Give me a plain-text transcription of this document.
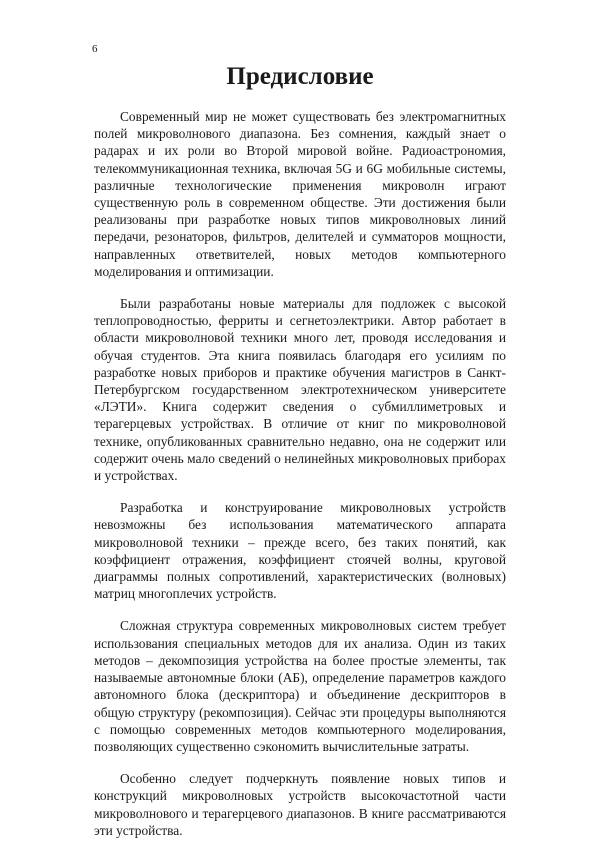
6
Предисловие

Современный мир не может существовать без электромагнитных полей микроволнового диапазона. Без сомнения, каждый знает о радарах и их роли во Второй мировой войне. Радиоастрономия, телекоммуникационная техника, включая 5G и 6G мобильные системы, различные технологические применения микроволн играют существенную роль в современном обществе. Эти достижения были реализованы при разработке новых типов микроволновых линий передачи, резонаторов, фильтров, делителей и сумматоров мощности, направленных ответвителей, новых методов компьютерного моделирования и оптимизации.

Были разработаны новые материалы для подложек с высокой теплопроводностью, ферриты и сегнетоэлектрики. Автор работает в области микроволновой техники много лет, проводя исследования и обучая студентов. Эта книга появилась благодаря его усилиям по разработке новых приборов и практике обучения магистров в Санкт-Петербургском государственном электротехническом университете «ЛЭТИ». Книга содержит сведения о субмиллиметровых и терагерцевых устройствах. В отличие от книг по микроволновой технике, опубликованных сравнительно недавно, она не содержит или содержит очень мало сведений о нелинейных микроволновых приборах и устройствах.

Разработка и конструирование микроволновых устройств невозможны без использования математического аппарата микроволновой техники – прежде всего, без таких понятий, как коэффициент отражения, коэффициент стоячей волны, круговой диаграммы полных сопротивлений, характеристических (волновых) матриц многоплечих устройств.

Сложная структура современных микроволновых систем требует использования специальных методов для их анализа. Один из таких методов – декомпозиция устройства на более простые элементы, так называемые автономные блоки (АБ), определение параметров каждого автономного блока (дескриптора) и объединение дескрипторов в общую структуру (рекомпозиция). Сейчас эти процедуры выполняются с помощью современных методов компьютерного моделирования, позволяющих существенно сэкономить вычислительные затраты.

Особенно следует подчеркнуть появление новых типов и конструкций микроволновых устройств высокочастотной части микроволнового и терагерцевого диапазонов. В книге рассматриваются эти устройства.
